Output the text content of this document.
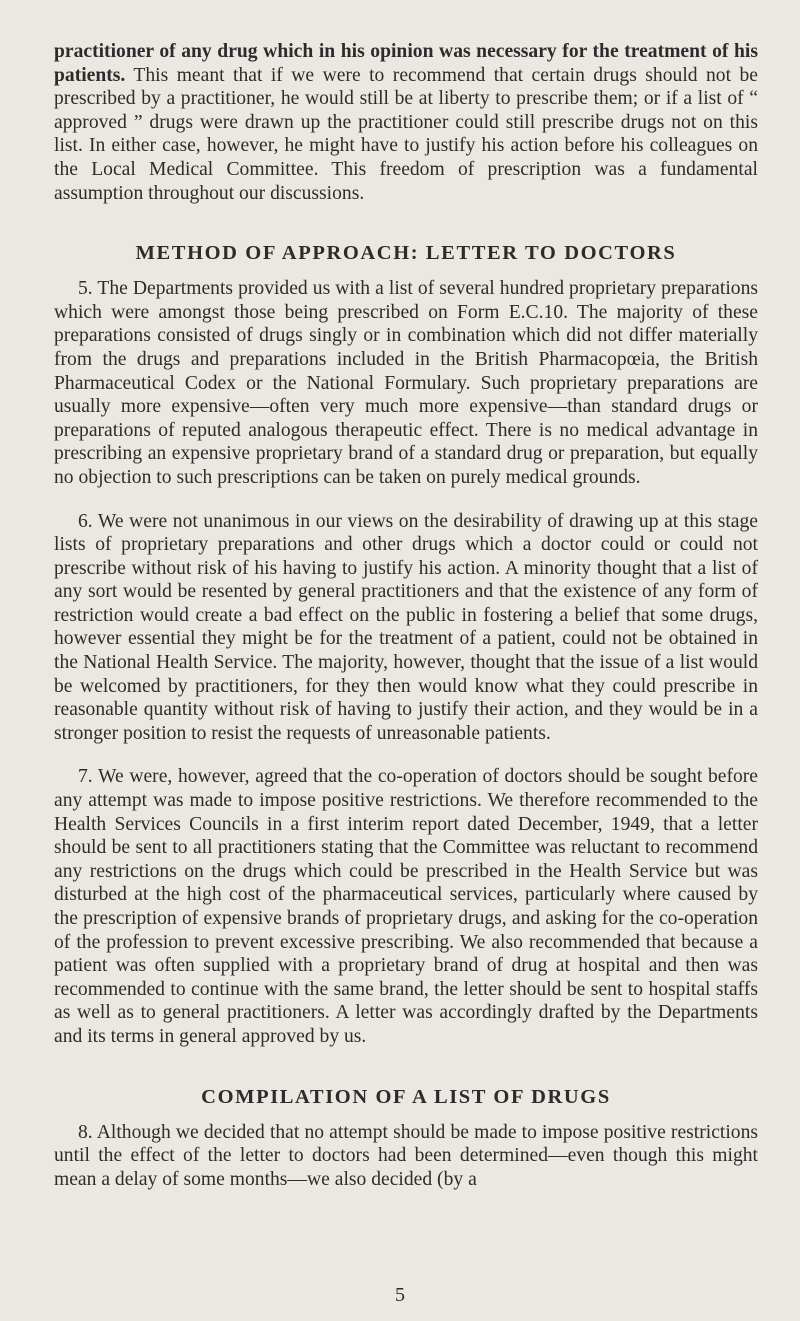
practitioner of any drug which in his opinion was necessary for the treatment of his patients. This meant that if we were to recommend that certain drugs should not be prescribed by a practitioner, he would still be at liberty to prescribe them; or if a list of “ approved ” drugs were drawn up the practitioner could still prescribe drugs not on this list. In either case, however, he might have to justify his action before his colleagues on the Local Medical Committee. This freedom of prescription was a fundamental assumption throughout our discussions.

METHOD OF APPROACH: LETTER TO DOCTORS

5. The Departments provided us with a list of several hundred proprietary preparations which were amongst those being prescribed on Form E.C.10. The majority of these preparations consisted of drugs singly or in combination which did not differ materially from the drugs and preparations included in the British Pharmacopœia, the British Pharmaceutical Codex or the National Formulary. Such proprietary preparations are usually more expensive—often very much more expensive—than standard drugs or preparations of reputed analogous therapeutic effect. There is no medical advantage in prescribing an expensive proprietary brand of a standard drug or preparation, but equally no objection to such prescriptions can be taken on purely medical grounds.

6. We were not unanimous in our views on the desirability of drawing up at this stage lists of proprietary preparations and other drugs which a doctor could or could not prescribe without risk of his having to justify his action. A minority thought that a list of any sort would be resented by general practitioners and that the existence of any form of restriction would create a bad effect on the public in fostering a belief that some drugs, however essential they might be for the treatment of a patient, could not be obtained in the National Health Service. The majority, however, thought that the issue of a list would be welcomed by practitioners, for they then would know what they could prescribe in reasonable quantity without risk of having to justify their action, and they would be in a stronger position to resist the requests of unreasonable patients.

7. We were, however, agreed that the co-operation of doctors should be sought before any attempt was made to impose positive restrictions. We therefore recommended to the Health Services Councils in a first interim report dated December, 1949, that a letter should be sent to all practitioners stating that the Committee was reluctant to recommend any restrictions on the drugs which could be prescribed in the Health Service but was disturbed at the high cost of the pharmaceutical services, particularly where caused by the prescription of expensive brands of proprietary drugs, and asking for the co-operation of the profession to prevent excessive prescribing. We also recommended that because a patient was often supplied with a proprietary brand of drug at hospital and then was recommended to continue with the same brand, the letter should be sent to hospital staffs as well as to general practitioners. A letter was accordingly drafted by the Departments and its terms in general approved by us.

COMPILATION OF A LIST OF DRUGS

8. Although we decided that no attempt should be made to impose positive restrictions until the effect of the letter to doctors had been determined—even though this might mean a delay of some months—we also decided (by a

5
